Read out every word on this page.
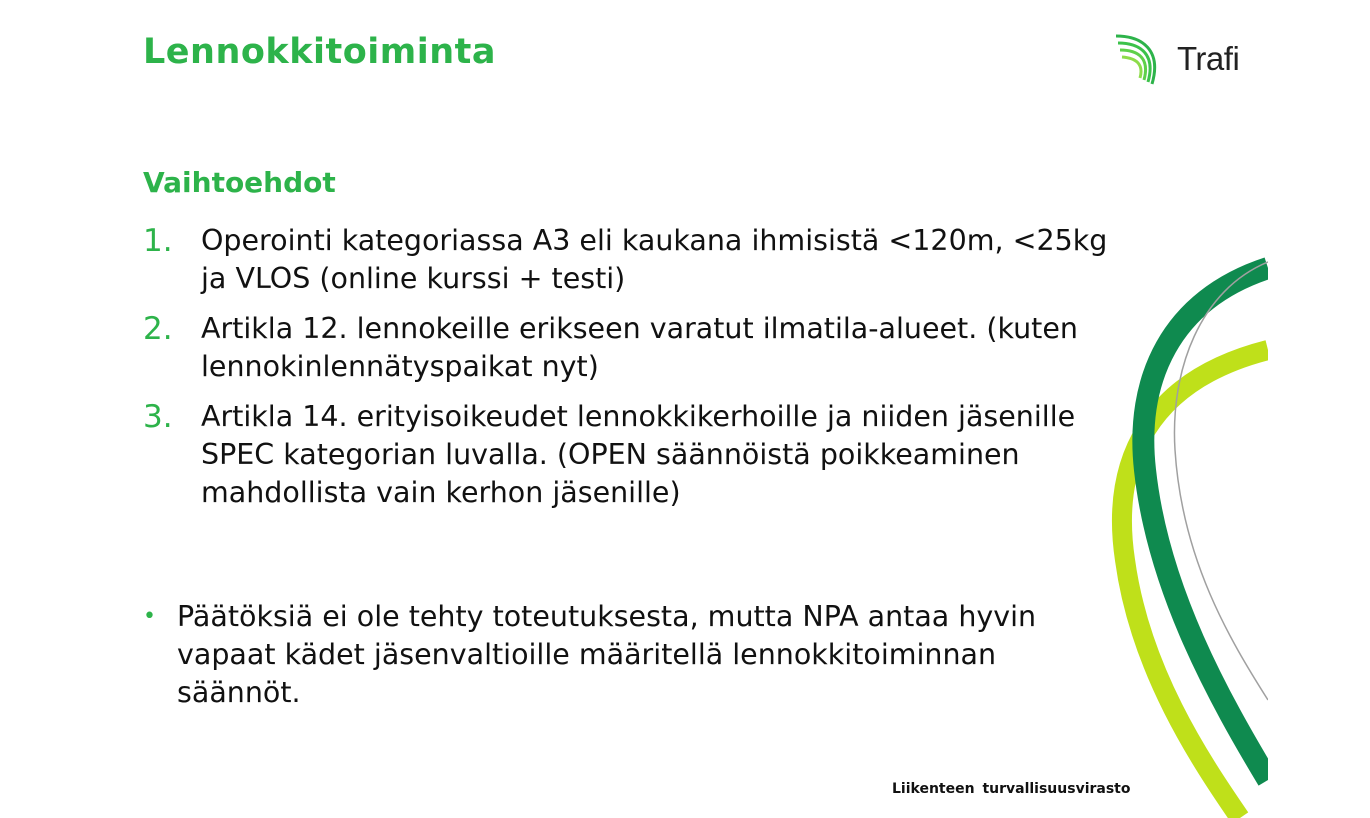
Lennokkitoiminta	Trafi
Vaihtoehdot
1. Operointi kategoriassa A3 eli kaukana ihmisistä <120m, <25kg ja VLOS (online kurssi + testi)
2. Artikla 12. lennokeille erikseen varatut ilmatila-alueet. (kuten lennokinlennätyspaikat nyt)
3. Artikla 14. erityisoikeudet lennokkikerhoille ja niiden jäsenille SPEC kategorian luvalla. (OPEN säännöistä poikkeaminen mahdollista vain kerhon jäsenille)
• Päätöksiä ei ole tehty toteutuksesta, mutta NPA antaa hyvin vapaat kädet jäsenvaltioille määritellä lennokkitoiminnan säännöt.
Liikenteen turvallisuusvirasto
